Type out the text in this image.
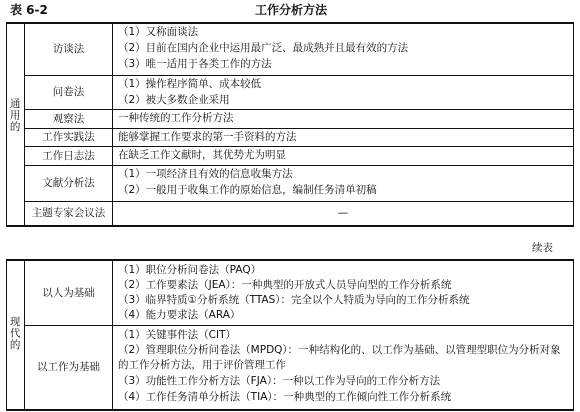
表 6-2	工作分析方法
通用的
访谈法
（1）又称面谈法
（2）目前在国内企业中运用最广泛、最成熟并且最有效的方法
（3）唯一适用于各类工作的方法
问卷法
（1）操作程序简单、成本较低
（2）被大多数企业采用
观察法	一种传统的工作分析方法
工作实践法	能够掌握工作要求的第一手资料的方法
工作日志法	在缺乏工作文献时，其优势尤为明显
文献分析法
（1）一项经济且有效的信息收集方法
（2）一般用于收集工作的原始信息，编制任务清单初稿
主题专家会议法	—
续表
现代的
以人为基础
（1）职位分析问卷法（PAQ）
（2）工作要素法（JEA）：一种典型的开放式人员导向型的工作分析系统
（3）临界特质①分析系统（TTAS）：完全以个人特质为导向的工作分析系统
（4）能力要求法（ARA）
以工作为基础
（1）关键事件法（CIT）
（2）管理职位分析问卷法（MPDQ）：一种结构化的、以工作为基础、以管理型职位为分析对象
的工作分析方法，用于评价管理工作
（3）功能性工作分析方法（FJA）：一种以工作为导向的工作分析方法
（4）工作任务清单分析法（TIA）：一种典型的工作倾向性工作分析系统
